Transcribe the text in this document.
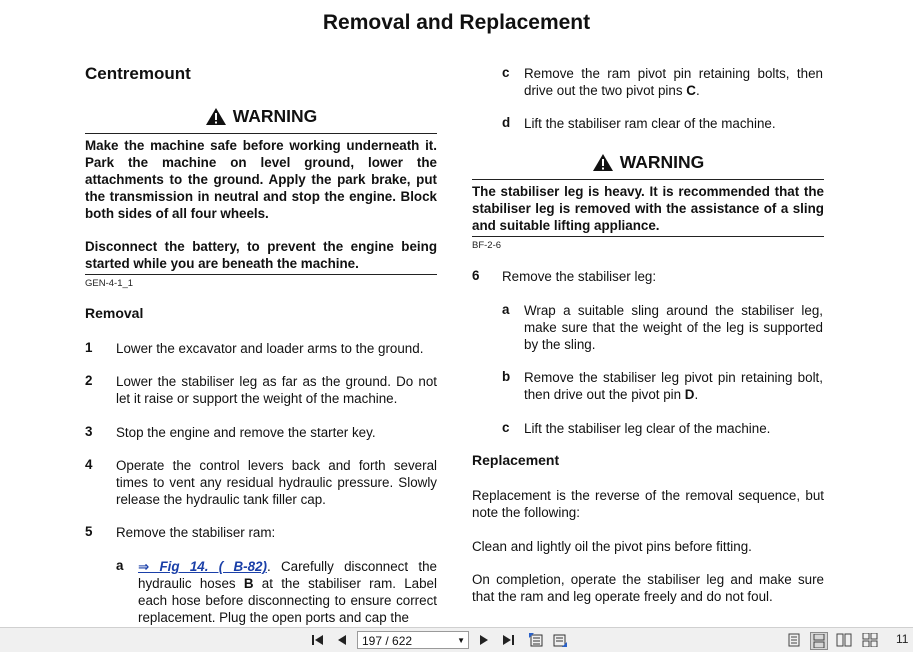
Removal and Replacement
Centremount
WARNING
Make the machine safe before working underneath it. Park the machine on level ground, lower the attachments to the ground. Apply the park brake, put the transmission in neutral and stop the engine. Block both sides of all four wheels.
Disconnect the battery, to prevent the engine being started while you are beneath the machine.
GEN-4-1_1
Removal
1 Lower the excavator and loader arms to the ground.
2 Lower the stabiliser leg as far as the ground. Do not let it raise or support the weight of the machine.
3 Stop the engine and remove the starter key.
4 Operate the control levers back and forth several times to vent any residual hydraulic pressure. Slowly release the hydraulic tank filler cap.
5 Remove the stabiliser ram:
a ⇒ Fig 14. ( B-82). Carefully disconnect the hydraulic hoses B at the stabiliser ram. Label each hose before disconnecting to ensure correct replacement. Plug the open ports and cap the
c Remove the ram pivot pin retaining bolts, then drive out the two pivot pins C.
d Lift the stabiliser ram clear of the machine.
WARNING
The stabiliser leg is heavy. It is recommended that the stabiliser leg is removed with the assistance of a sling and suitable lifting appliance.
BF-2-6
6 Remove the stabiliser leg:
a Wrap a suitable sling around the stabiliser leg, make sure that the weight of the leg is supported by the sling.
b Remove the stabiliser leg pivot pin retaining bolt, then drive out the pivot pin D.
c Lift the stabiliser leg clear of the machine.
Replacement
Replacement is the reverse of the removal sequence, but note the following:
Clean and lightly oil the pivot pins before fitting.
On completion, operate the stabiliser leg and make sure that the ram and leg operate freely and do not foul.
197 / 622	▼	11
